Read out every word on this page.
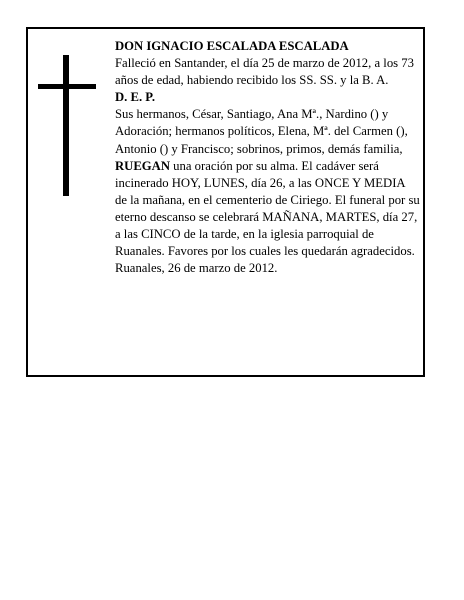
DON IGNACIO ESCALADA ESCALADA

Falleció en Santander, el día 25 de marzo de 2012, a los 73 años de edad, habiendo recibido los SS. SS. y la B. A.

D. E. P.

Sus hermanos, César, Santiago, Ana Mª., Nardino () y Adoración; hermanos políticos, Elena, Mª. del Carmen (), Antonio () y Francisco; sobrinos, primos, demás familia,

RUEGAN una oración por su alma. El cadáver será incinerado HOY, LUNES, día 26, a las ONCE Y MEDIA de la mañana, en el cementerio de Ciriego. El funeral por su eterno descanso se celebrará MAÑANA, MARTES, día 27, a las CINCO de la tarde, en la iglesia parroquial de Ruanales. Favores por los cuales les quedarán agradecidos.

Ruanales, 26 de marzo de 2012.
